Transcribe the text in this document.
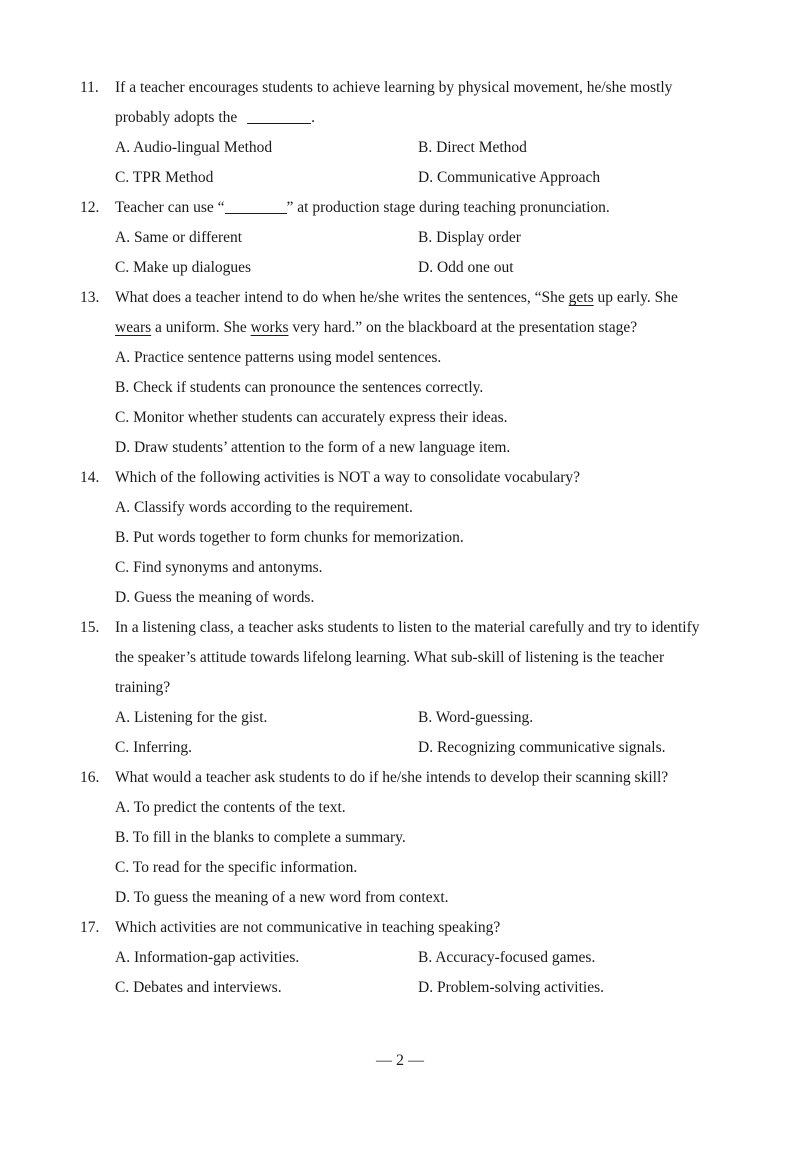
11.	If a teacher encourages students to achieve learning by physical movement, he/she mostly
probably adopts the	.
A. Audio-lingual Method	B. Direct Method
C. TPR Method	D. Communicative Approach
12.	Teacher can use “	” at production stage during teaching pronunciation.
A. Same or different	B. Display order
C. Make up dialogues	D. Odd one out
13.	What does a teacher intend to do when he/she writes the sentences, “She gets up early. She
wears a uniform. She works very hard.” on the blackboard at the presentation stage?
A. Practice sentence patterns using model sentences.
B. Check if students can pronounce the sentences correctly.
C. Monitor whether students can accurately express their ideas.
D. Draw students’ attention to the form of a new language item.
14.	Which of the following activities is NOT a way to consolidate vocabulary?
A. Classify words according to the requirement.
B. Put words together to form chunks for memorization.
C. Find synonyms and antonyms.
D. Guess the meaning of words.
15.	In a listening class, a teacher asks students to listen to the material carefully and try to identify
the speaker’s attitude towards lifelong learning. What sub-skill of listening is the teacher
training?
A. Listening for the gist.	B. Word-guessing.
C. Inferring.	D. Recognizing communicative signals.
16.	What would a teacher ask students to do if he/she intends to develop their scanning skill?
A. To predict the contents of the text.
B. To fill in the blanks to complete a summary.
C. To read for the specific information.
D. To guess the meaning of a new word from context.
17.	Which activities are not communicative in teaching speaking?
A. Information-gap activities.	B. Accuracy-focused games.
C. Debates and interviews.	D. Problem-solving activities.
— 2 —
